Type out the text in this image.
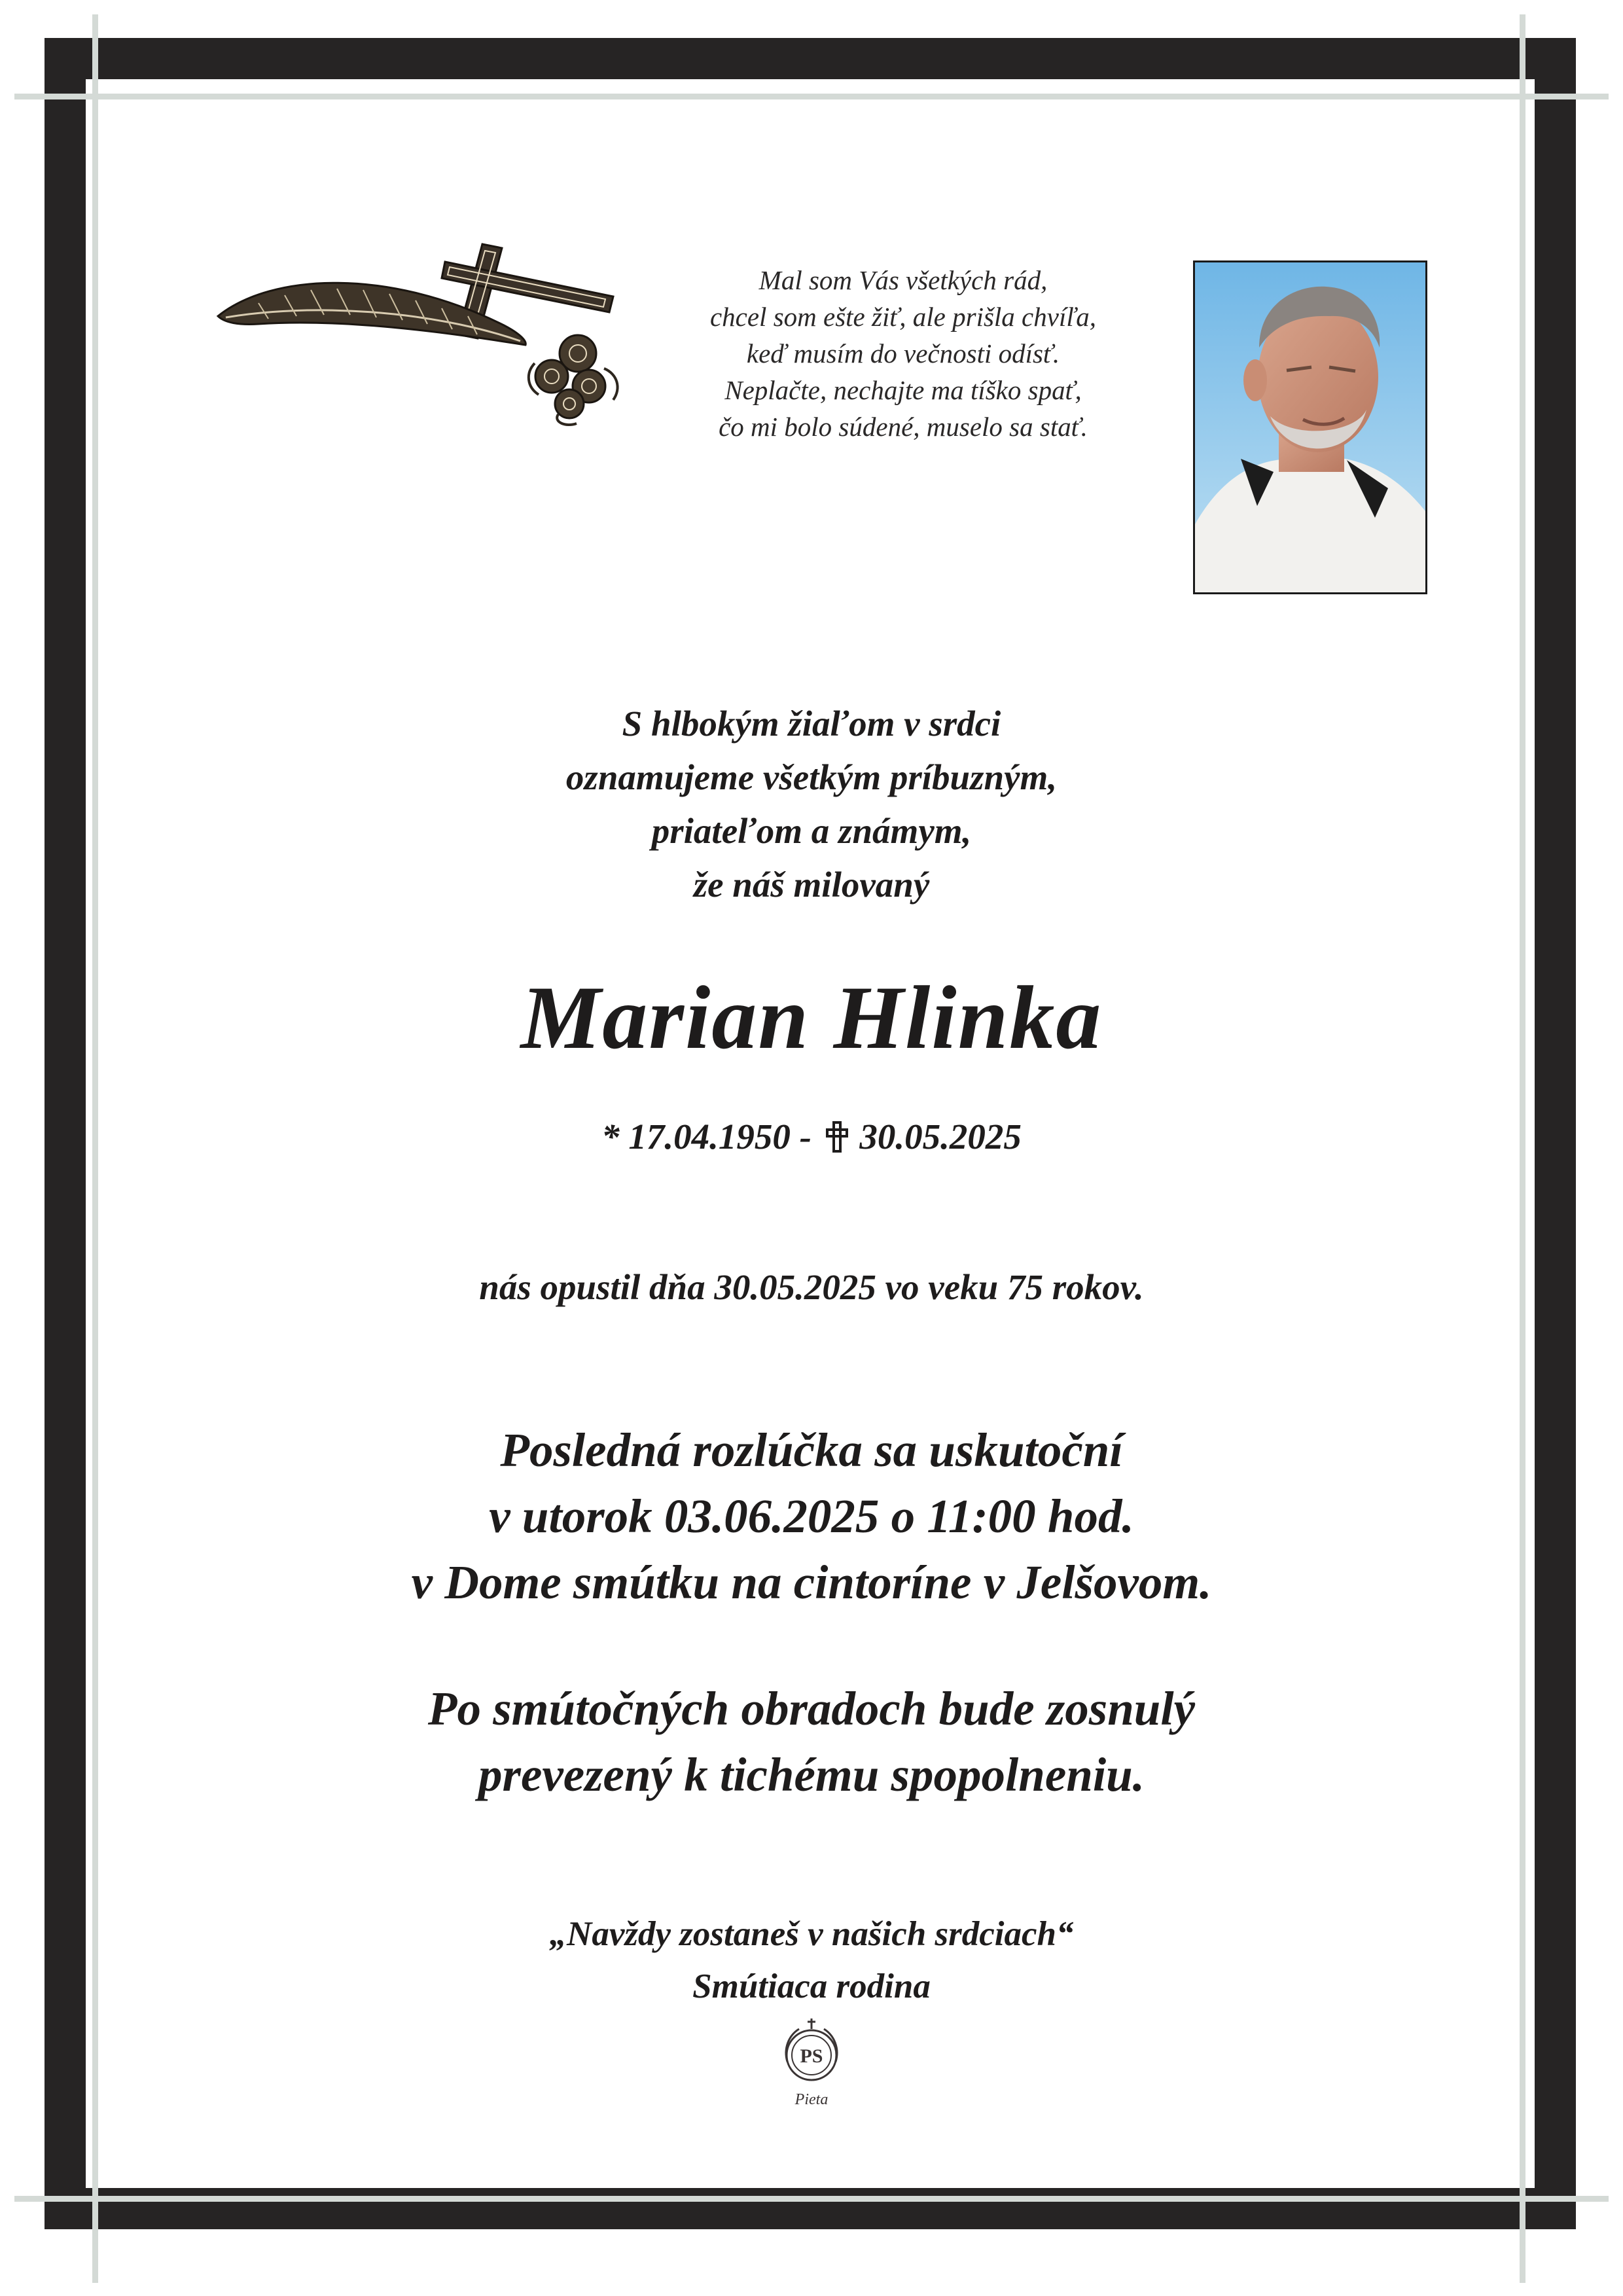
Mal som Vás všetkých rád,
chcel som ešte žiť, ale prišla chvíľa,
keď musím do večnosti odísť.
Neplačte, nechajte ma tíško spať,
čo mi bolo súdené, muselo sa stať.
S hlbokým žiaľom v srdci
oznamujeme všetkým príbuzným,
priateľom a známym,
že náš milovaný
Marian Hlinka
* 17.04.1950 - 30.05.2025
nás opustil dňa 30.05.2025 vo veku 75 rokov.
Posledná rozlúčka sa uskutoční
v utorok 03.06.2025 o 11:00 hod.
v Dome smútku na cintoríne v Jelšovom.
Po smútočných obradoch bude zosnulý
prevezený k tichému spopolneniu.
„Navždy zostaneš v našich srdciach“
Smútiaca rodina
PS
Pieta
